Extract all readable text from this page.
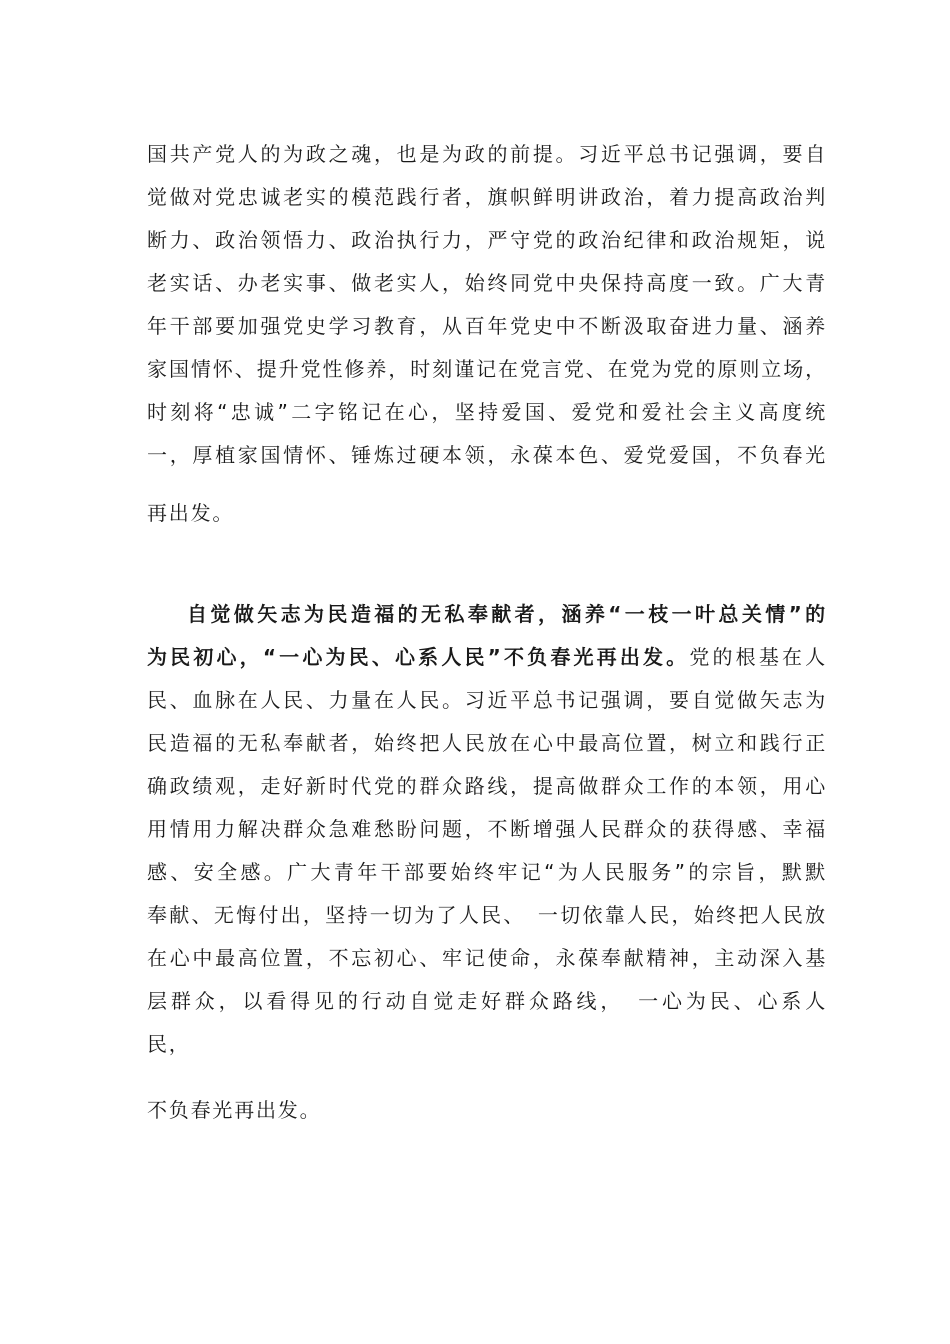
国共产党人的为政之魂，也是为政的前提。习近平总书记强调，要自
觉做对党忠诚老实的模范践行者，旗帜鲜明讲政治，着力提高政治判
断力、政治领悟力、政治执行力，严守党的政治纪律和政治规矩，说
老实话、办老实事、做老实人，始终同党中央保持高度一致。广大青
年干部要加强党史学习教育，从百年党史中不断汲取奋进力量、涵养
家国情怀、提升党性修养，时刻谨记在党言党、在党为党的原则立场，
时刻将“忠诚”二字铭记在心，坚持爱国、爱党和爱社会主义高度统
一，厚植家国情怀、锤炼过硬本领，永葆本色、爱党爱国，不负春光
再出发。
自觉做矢志为民造福的无私奉献者，涵养“一枝一叶总关情”的
为民初心，“一心为民、心系人民”不负春光再出发。党的根基在人
民、血脉在人民、力量在人民。习近平总书记强调，要自觉做矢志为
民造福的无私奉献者，始终把人民放在心中最高位置，树立和践行正
确政绩观，走好新时代党的群众路线，提高做群众工作的本领，用心
用情用力解决群众急难愁盼问题，不断增强人民群众的获得感、幸福
感、安全感。广大青年干部要始终牢记“为人民服务”的宗旨，默默
奉献、无悔付出，坚持一切为了人民、　一切依靠人民，始终把人民放
在心中最高位置，不忘初心、牢记使命，永葆奉献精神，主动深入基
层群众，以看得见的行动自觉走好群众路线，　一心为民、心系人
民，
不负春光再出发。
